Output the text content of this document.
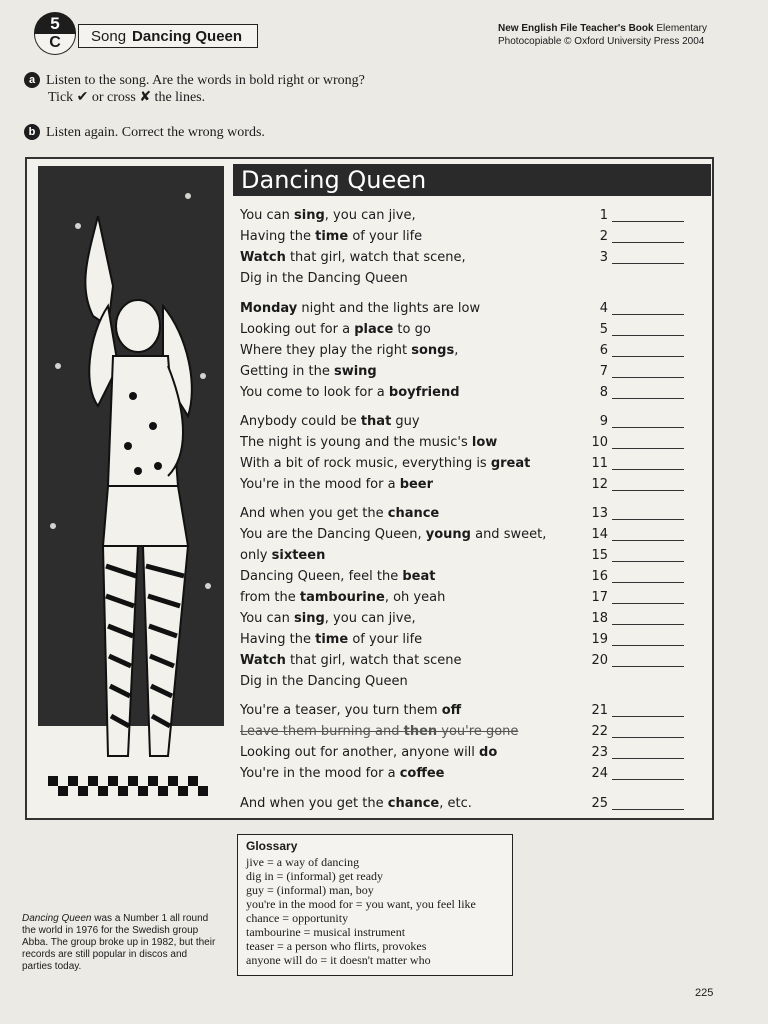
5
C	Song Dancing Queen	New English File Teacher's Book Elementary
Photocopiable © Oxford University Press 2004
a Listen to the song. Are the words in bold right or wrong?
Tick ✔ or cross ✘ the lines.
b Listen again. Correct the wrong words.
Dancing Queen
You can sing, you can jive,	1
Having the time of your life	2
Watch that girl, watch that scene,	3
Dig in the Dancing Queen
Monday night and the lights are low	4
Looking out for a place to go	5
Where they play the right songs,	6
Getting in the swing	7
You come to look for a boyfriend	8
Anybody could be that guy	9
The night is young and the music's low	10
With a bit of rock music, everything is great	11
You're in the mood for a beer	12
And when you get the chance	13
You are the Dancing Queen, young and sweet,	14
only sixteen	15
Dancing Queen, feel the beat	16
from the tambourine, oh yeah	17
You can sing, you can jive,	18
Having the time of your life	19
Watch that girl, watch that scene	20
Dig in the Dancing Queen
You're a teaser, you turn them off	21
Leave them burning and then you're gone	22
Looking out for another, anyone will do	23
You're in the mood for a coffee	24
And when you get the chance, etc.	25
Glossary
jive = a way of dancing
dig in = (informal) get ready
guy = (informal) man, boy
you're in the mood for = you want, you feel like
chance = opportunity
tambourine = musical instrument
teaser = a person who flirts, provokes
anyone will do = it doesn't matter who
Dancing Queen was a Number 1 all round the world in 1976 for the Swedish group Abba. The group broke up in 1982, but their records are still popular in discos and parties today.
225
